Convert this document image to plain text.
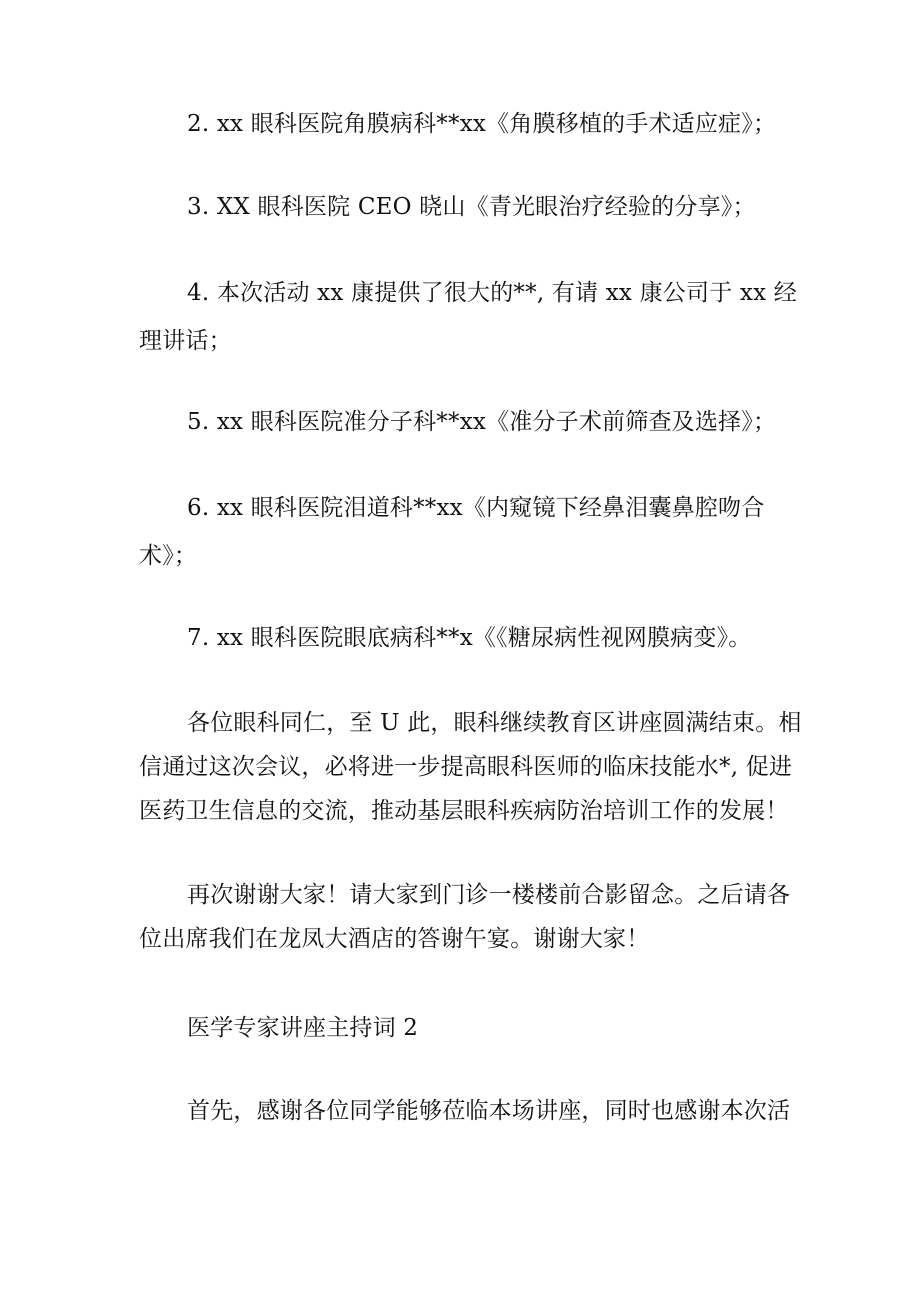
2. xx 眼科医院角膜病科**xx《角膜移植的手术适应症》；
3. XX 眼科医院 CEO 晓山《青光眼治疗经验的分享》；
4. 本次活动 xx 康提供了很大的**, 有请 xx 康公司于 xx 经
理讲话；
5. xx 眼科医院准分子科**xx《准分子术前筛查及选择》；
6. xx 眼科医院泪道科**xx《内窥镜下经鼻泪囊鼻腔吻合
术》；
7. xx 眼科医院眼底病科**x《《糖尿病性视网膜病变》。
各位眼科同仁，至 U 此，眼科继续教育区讲座圆满结束。相
信通过这次会议，必将进一步提高眼科医师的临床技能水*, 促进
医药卫生信息的交流，推动基层眼科疾病防治培训工作的发展！
再次谢谢大家！请大家到门诊一楼楼前合影留念。之后请各
位出席我们在龙凤大酒店的答谢午宴。谢谢大家！
医学专家讲座主持词 2
首先，感谢各位同学能够莅临本场讲座，同时也感谢本次活
